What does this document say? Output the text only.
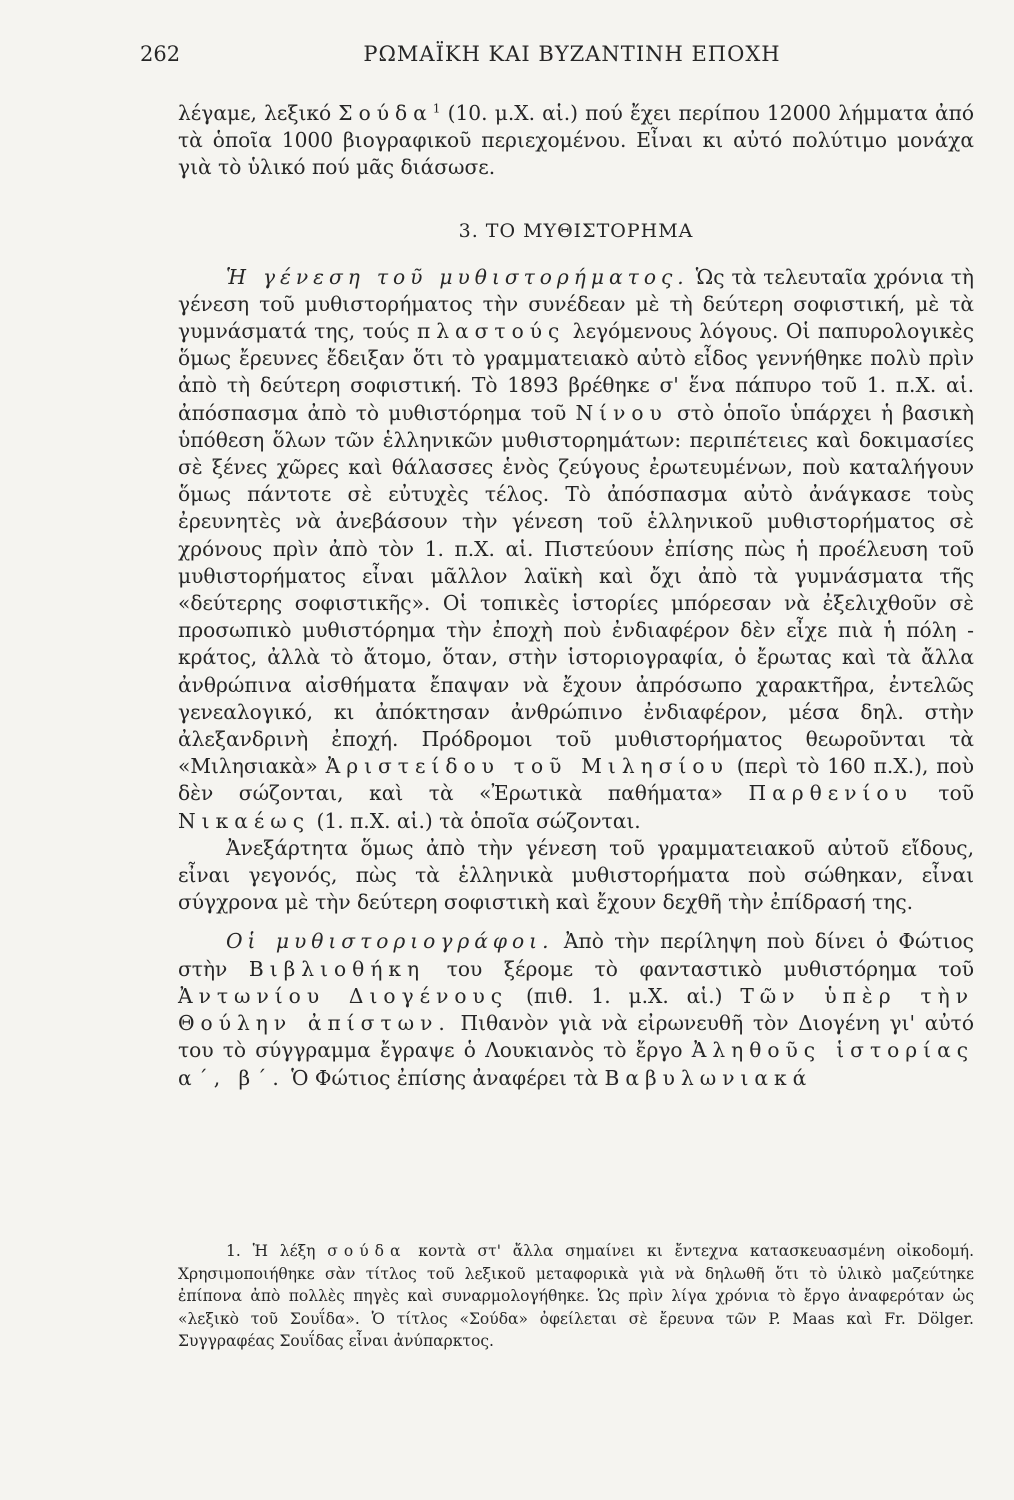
262	ΡΩΜΑΪΚΗ ΚΑΙ ΒΥΖΑΝΤΙΝΗ ΕΠΟΧΗ

λέγαμε, λεξικό Σούδα$^1$ (10. μ.Χ. αἱ.) πού ἔχει περίπου 12000 λήμματα ἀπό τὰ ὁποῖα 1000 βιογραφικοῦ περιεχομένου. Εἶναι κι αὐτό πολύτιμο μονάχα γιὰ τὸ ὑλικό πού μᾶς διάσωσε.

3. ΤΟ ΜΥΘΙΣΤΟΡΗΜΑ

Ἡ γένεση τοῦ μυθιστορήματος. Ὡς τὰ τελευταῖα χρόνια τὴ γένεση τοῦ μυθιστορήματος τὴν συνέδεαν μὲ τὴ δεύτερη σοφιστική, μὲ τὰ γυμνάσματά της, τούς πλαστούς λεγόμενους λόγους. Οἱ παπυρολογικὲς ὅμως ἔρευνες ἔδειξαν ὅτι τὸ γραμματειακὸ αὐτὸ εἶδος γεννήθηκε πολὺ πρὶν ἀπὸ τὴ δεύτερη σοφιστική. Τὸ 1893 βρέθηκε σ' ἕνα πάπυρο τοῦ 1. π.Χ. αἱ. ἀπόσπασμα ἀπὸ τὸ μυθιστόρημα τοῦ Νίνου στὸ ὁποῖο ὑπάρχει ἡ βασικὴ ὑπόθεση ὅλων τῶν ἑλληνικῶν μυθιστορημάτων: περιπέτειες καὶ δοκιμασίες σὲ ξένες χῶρες καὶ θάλασσες ἑνὸς ζεύγους ἐρωτευμένων, ποὺ καταλήγουν ὅμως πάντοτε σὲ εὐτυχὲς τέλος. Τὸ ἀπόσπασμα αὐτὸ ἀνάγκασε τοὺς ἐρευνητὲς νὰ ἀνεβάσουν τὴν γένεση τοῦ ἑλληνικοῦ μυθιστορήματος σὲ χρόνους πρὶν ἀπὸ τὸν 1. π.Χ. αἱ. Πιστεύουν ἐπίσης πὼς ἡ προέλευση τοῦ μυθιστορήματος εἶναι μᾶλλον λαϊκὴ καὶ ὄχι ἀπὸ τὰ γυμνάσματα τῆς «δεύτερης σοφιστικῆς». Οἱ τοπικὲς ἱστορίες μπόρεσαν νὰ ἐξελιχθοῦν σὲ προσωπικὸ μυθιστόρημα τὴν ἐποχὴ ποὺ ἐνδιαφέρον δὲν εἶχε πιὰ ἡ πόλη - κράτος, ἀλλὰ τὸ ἄτομο, ὅταν, στὴν ἱστοριογραφία, ὁ ἔρωτας καὶ τὰ ἄλλα ἀνθρώπινα αἰσθήματα ἔπαψαν νὰ ἔχουν ἀπρόσωπο χαρακτῆρα, ἐντελῶς γενεαλογικό, κι ἀπόκτησαν ἀνθρώπινο ἐνδιαφέρον, μέσα δηλ. στὴν ἀλεξανδρινὴ ἐποχή. Πρόδρομοι τοῦ μυθιστορήματος θεωροῦνται τὰ «Μιλησιακὰ» Ἀριστείδου τοῦ Μιλησίου (περὶ τὸ 160 π.Χ.), ποὺ δὲν σώζονται, καὶ τὰ «Ἐρωτικὰ παθήματα» Παρθενίου τοῦ Νικαέως (1. π.Χ. αἱ.) τὰ ὁποῖα σώζονται.

Ἀνεξάρτητα ὅμως ἀπὸ τὴν γένεση τοῦ γραμματειακοῦ αὐτοῦ εἴδους, εἶναι γεγονός, πὼς τὰ ἑλληνικὰ μυθιστορήματα ποὺ σώθηκαν, εἶναι σύγχρονα μὲ τὴν δεύτερη σοφιστικὴ καὶ ἔχουν δεχθῆ τὴν ἐπίδρασή της.

Οἱ μυθιστοριογράφοι. Ἀπὸ τὴν περίληψη ποὺ δίνει ὁ Φώτιος στὴν Βιβλιοθήκη του ξέρομε τὸ φανταστικὸ μυθιστόρημα τοῦ Ἀντωνίου Διογένους (πιθ. 1. μ.Χ. αἱ.) Τῶν ὑπὲρ τὴν Θούλην ἀπίστων. Πιθανὸν γιὰ νὰ εἰρωνευθῆ τὸν Διογένη γι' αὐτό του τὸ σύγγραμμα ἔγραψε ὁ Λουκιανὸς τὸ ἔργο Ἀληθοῦς ἱστορίας α΄, β΄. Ὁ Φώτιος ἐπίσης ἀναφέρει τὰ Βαβυλωνιακά

1. Ἡ λέξη σούδα κοντὰ στ' ἄλλα σημαίνει κι ἔντεχνα κατασκευασμένη οἰκοδομή. Χρησιμοποιήθηκε σὰν τίτλος τοῦ λεξικοῦ μεταφορικὰ γιὰ νὰ δηλωθῆ ὅτι τὸ ὑλικὸ μαζεύτηκε ἐπίπονα ἀπὸ πολλὲς πηγὲς καὶ συναρμολογήθηκε. Ὡς πρὶν λίγα χρόνια τὸ ἔργο ἀναφερόταν ὡς «λεξικὸ τοῦ Σουΐδα». Ὁ τίτλος «Σούδα» ὀφείλεται σὲ ἔρευνα τῶν P. Maas καὶ Fr. Dölger. Συγγραφέας Σουΐδας εἶναι ἀνύπαρκτος.
